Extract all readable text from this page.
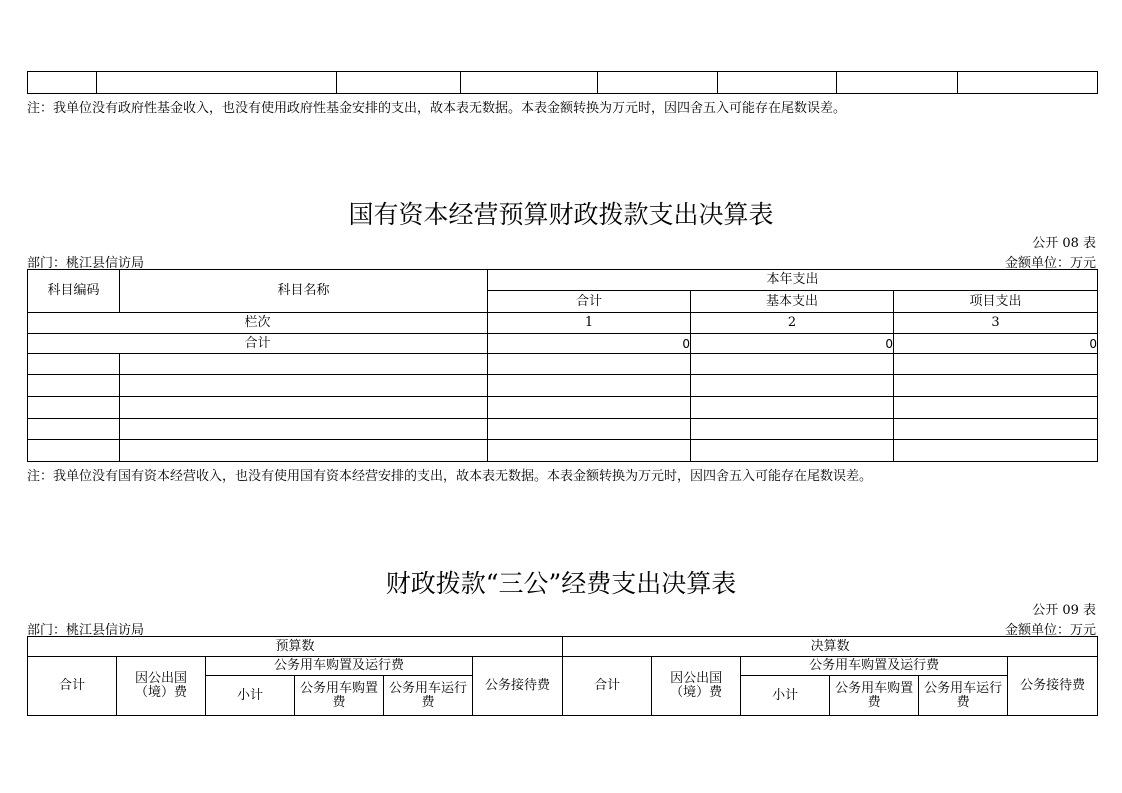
注：我单位没有政府性基金收入，也没有使用政府性基金安排的支出，故本表无数据。本表金额转换为万元时，因四舍五入可能存在尾数误差。
国有资本经营预算财政拨款支出决算表
公开 08 表
部门：桃江县信访局	金额单位：万元
科目编码	科目名称	本年支出		
		合计	基本支出	项目支出
栏次		1	2	3
合计		0	0	0

注：我单位没有国有资本经营收入，也没有使用国有资本经营安排的支出，故本表无数据。本表金额转换为万元时，因四舍五入可能存在尾数误差。
财政拨款“三公”经费支出决算表
公开 09 表
部门：桃江县信访局	金额单位：万元
预算数						决算数					
合计	因公出国（境）费	公务用车购置及运行费			公务接待费	合计	因公出国（境）费	公务用车购置及运行费			公务接待费
		小计	公务用车购置费	公务用车运行费				小计	公务用车购置费	公务用车运行费	
